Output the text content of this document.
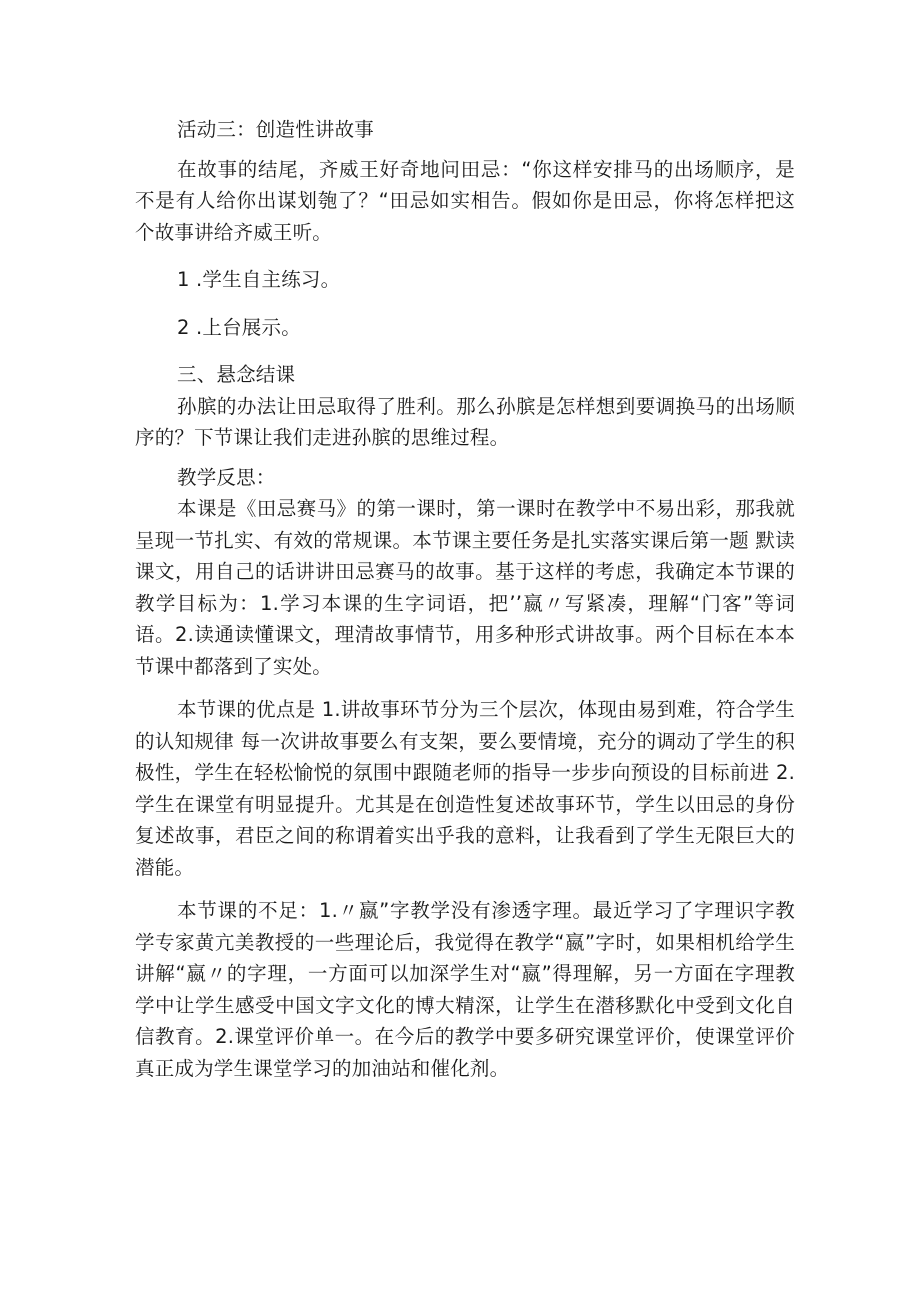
活动三：创造性讲故事

在故事的结尾，齐威王好奇地问田忌：“你这样安排马的出场顺序，是不是有人给你出谋划匏了？“田忌如实相告。假如你是田忌，你将怎样把这个故事讲给齐威王听。

1 .学生自主练习。

2 .上台展示。

三、悬念结课

孙膑的办法让田忌取得了胜利。那么孙膑是怎样想到要调换马的出场顺序的？下节课让我们走进孙膑的思维过程。

教学反思：

本课是《田忌赛马》的第一课时，第一课时在教学中不易出彩，那我就呈现一节扎实、有效的常规课。本节课主要任务是扎实落实课后第一题 默读课文，用自己的话讲讲田忌赛马的故事。基于这样的考虑，我确定本节课的教学目标为：1.学习本课的生字词语，把’’嬴〃写紧凑，理解“门客”等词语。2.读通读懂课文，理清故事情节，用多种形式讲故事。两个目标在本本节课中都落到了实处。

本节课的优点是 1.讲故事环节分为三个层次，体现由易到难，符合学生的认知规律 每一次讲故事要么有支架，要么要情境，充分的调动了学生的积极性，学生在轻松愉悦的氛围中跟随老师的指导一步步向预设的目标前进 2.学生在课堂有明显提升。尤其是在创造性复述故事环节，学生以田忌的身份复述故事，君臣之间的称谓着实出乎我的意料，让我看到了学生无限巨大的潜能。

本节课的不足：1.〃嬴”字教学没有渗透字理。最近学习了字理识字教学专家黄亢美教授的一些理论后，我觉得在教学“嬴”字时，如果相机给学生讲解“嬴〃的字理，一方面可以加深学生对“嬴”得理解，另一方面在字理教学中让学生感受中国文字文化的博大精深，让学生在潜移默化中受到文化自信教育。2.课堂评价单一。在今后的教学中要多研究课堂评价，使课堂评价真正成为学生课堂学习的加油站和催化剂。
